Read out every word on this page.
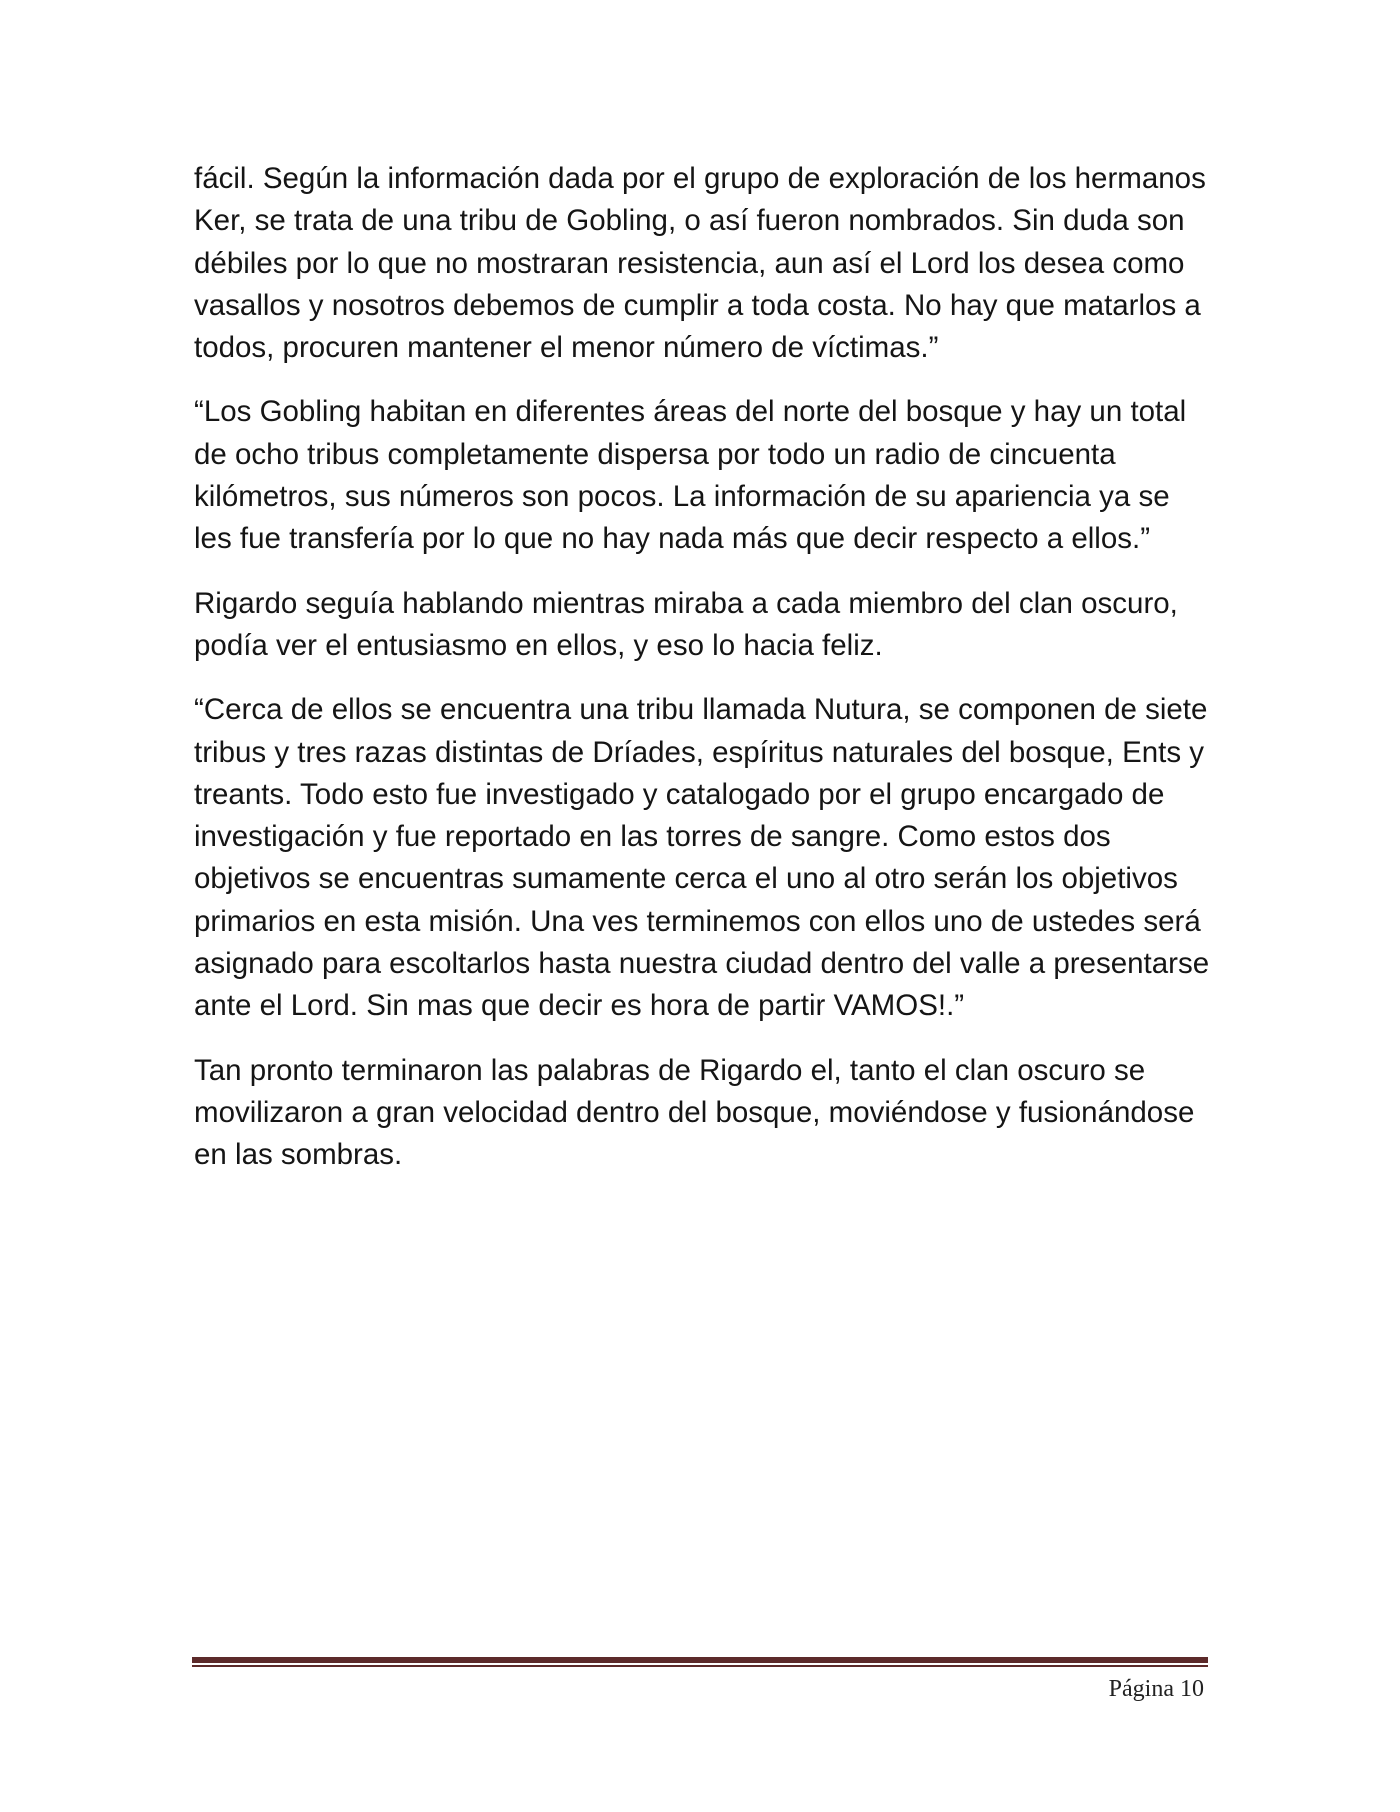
fácil. Según la información dada por el grupo de exploración de los hermanos Ker, se trata de una tribu de Gobling, o así fueron nombrados. Sin duda son débiles por lo que no mostraran resistencia, aun así el Lord los desea como vasallos y nosotros debemos de cumplir a toda costa. No hay que matarlos a todos, procuren mantener el menor número de víctimas.”

“Los Gobling habitan en diferentes áreas del norte del bosque y hay un total de ocho tribus completamente dispersa por todo un radio de cincuenta kilómetros, sus números son pocos. La información de su apariencia ya se les fue transfería por lo que no hay nada más que decir respecto a ellos.”

Rigardo seguía hablando mientras miraba a cada miembro del clan oscuro, podía ver el entusiasmo en ellos, y eso lo hacia feliz.

“Cerca de ellos se encuentra una tribu llamada Nutura, se componen de siete tribus y tres razas distintas de Dríades, espíritus naturales del bosque, Ents y treants. Todo esto fue investigado y catalogado por el grupo encargado de investigación y fue reportado en las torres de sangre. Como estos dos objetivos se encuentras sumamente cerca el uno al otro serán los objetivos primarios en esta misión. Una ves terminemos con ellos uno de ustedes será asignado para escoltarlos hasta nuestra ciudad dentro del valle a presentarse ante el Lord. Sin mas que decir es hora de partir VAMOS!.”

Tan pronto terminaron las palabras de Rigardo el, tanto el clan oscuro se movilizaron a gran velocidad dentro del bosque, moviéndose y fusionándose en las sombras.

Página 10
